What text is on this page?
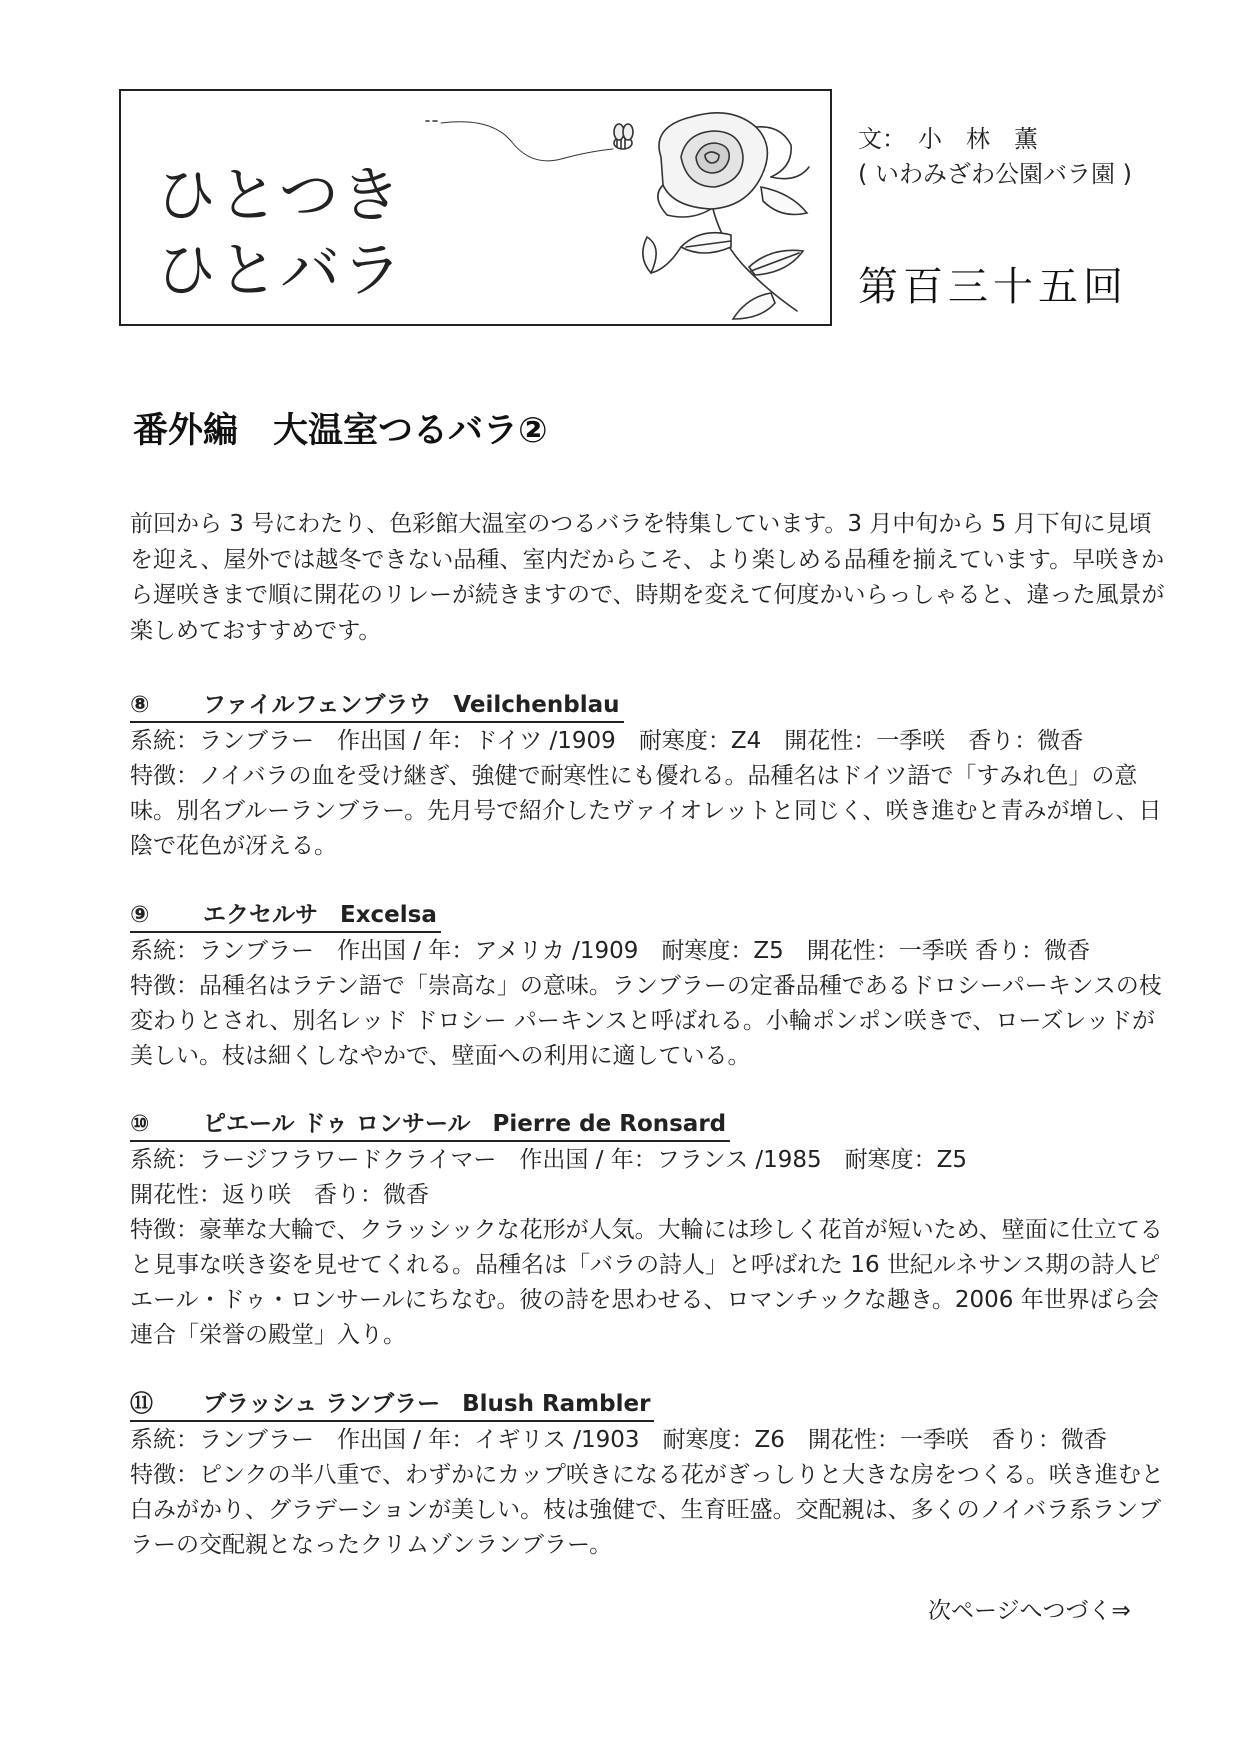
ひとつき
ひとバラ
文：　小　林　薫
( いわみざわ公園バラ園 )
第百三十五回
番外編　大温室つるバラ②
前回から 3 号にわたり、色彩館大温室のつるバラを特集しています。3 月中旬から 5 月下旬に見頃を迎え、屋外では越冬できない品種、室内だからこそ、より楽しめる品種を揃えています。早咲きから遅咲きまで順に開花のリレーが続きますので、時期を変えて何度かいらっしゃると、違った風景が楽しめておすすめです。
⑧ ファイルフェンブラウ Veilchenblau

系統：ランブラー　作出国 / 年：ドイツ /1909　耐寒度：Z4　開花性：一季咲　香り：微香

特徴：ノイバラの血を受け継ぎ、強健で耐寒性にも優れる。品種名はドイツ語で「すみれ色」の意味。別名ブルーランブラー。先月号で紹介したヴァイオレットと同じく、咲き進むと青みが増し、日陰で花色が冴える。

⑨ エクセルサ Excelsa

系統：ランブラー　作出国 / 年：アメリカ /1909　耐寒度：Z5　開花性：一季咲 香り：微香

特徴：品種名はラテン語で「崇高な」の意味。ランブラーの定番品種であるドロシーパーキンスの枝変わりとされ、別名レッド ドロシー パーキンスと呼ばれる。小輪ポンポン咲きで、ローズレッドが美しい。枝は細くしなやかで、壁面への利用に適している。

⑩ ピエール ドゥ ロンサール Pierre de Ronsard

系統：ラージフラワードクライマー　作出国 / 年：フランス /1985　耐寒度：Z5

開花性：返り咲　香り：微香

特徴：豪華な大輪で、クラッシックな花形が人気。大輪には珍しく花首が短いため、壁面に仕立てると見事な咲き姿を見せてくれる。品種名は「バラの詩人」と呼ばれた 16 世紀ルネサンス期の詩人ピエール・ドゥ・ロンサールにちなむ。彼の詩を思わせる、ロマンチックな趣き。2006 年世界ばら会連合「栄誉の殿堂」入り。

⑪ ブラッシュ ランブラー Blush Rambler

系統：ランブラー　作出国 / 年：イギリス /1903　耐寒度：Z6　開花性：一季咲　香り：微香

特徴：ピンクの半八重で、わずかにカップ咲きになる花がぎっしりと大きな房をつくる。咲き進むと白みがかり、グラデーションが美しい。枝は強健で、生育旺盛。交配親は、多くのノイバラ系ランブラーの交配親となったクリムゾンランブラー。

次ページへつづく⇒
